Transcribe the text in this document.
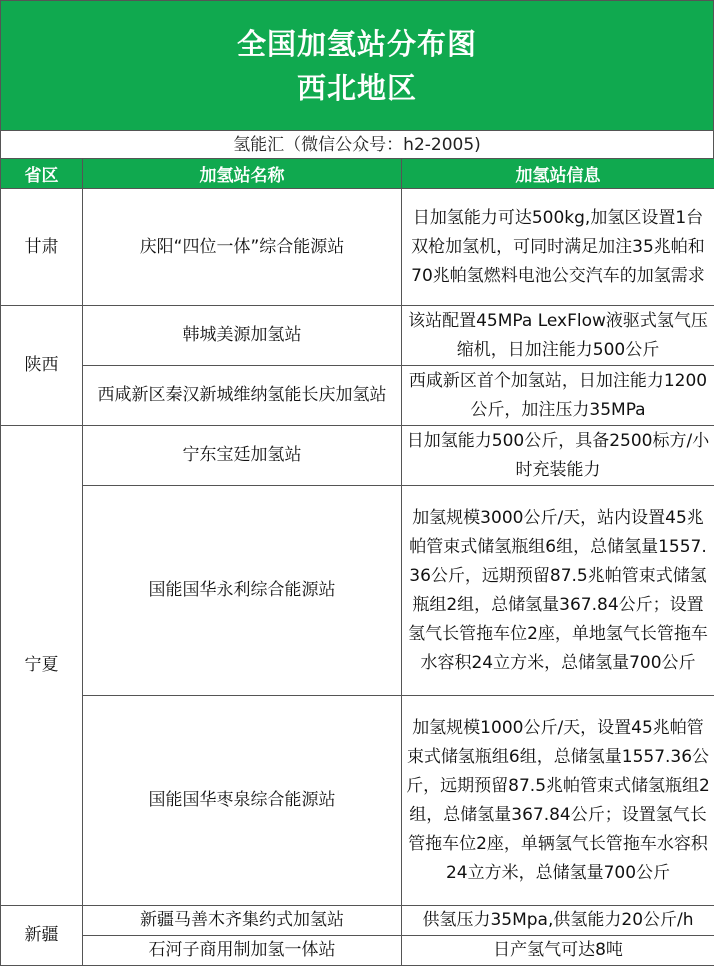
全国加氢站分布图
西北地区
氢能汇（微信公众号：h2-2005)
省区	加氢站名称	加氢站信息
甘肃	庆阳“四位一体”综合能源站	日加氢能力可达500kg,加氢区设置1台双枪加氢机，可同时满足加注35兆帕和70兆帕氢燃料电池公交汽车的加氢需求
陕西	韩城美源加氢站	该站配置45MPa LexFlow液驱式氢气压缩机，日加注能力500公斤
	西咸新区秦汉新城维纳氢能长庆加氢站	西咸新区首个加氢站，日加注能力1200公斤，加注压力35MPa
宁夏	宁东宝廷加氢站	日加氢能力500公斤，具备2500标方/小时充装能力
	国能国华永利综合能源站	加氢规模3000公斤/天，站内设置45兆帕管束式储氢瓶组6组，总储氢量1557.36公斤，远期预留87.5兆帕管束式储氢瓶组2组，总储氢量367.84公斤；设置氢气长管拖车位2座，单地氢气长管拖车水容积24立方米，总储氢量700公斤
	国能国华枣泉综合能源站	加氢规模1000公斤/天，设置45兆帕管束式储氢瓶组6组，总储氢量1557.36公斤，远期预留87.5兆帕管束式储氢瓶组2组，总储氢量367.84公斤；设置氢气长管拖车位2座，单辆氢气长管拖车水容积24立方米，总储氢量700公斤
新疆	新疆马善木齐集约式加氢站	供氢压力35Mpa,供氢能力20公斤/h
	石河子商用制加氢一体站	日产氢气可达8吨
